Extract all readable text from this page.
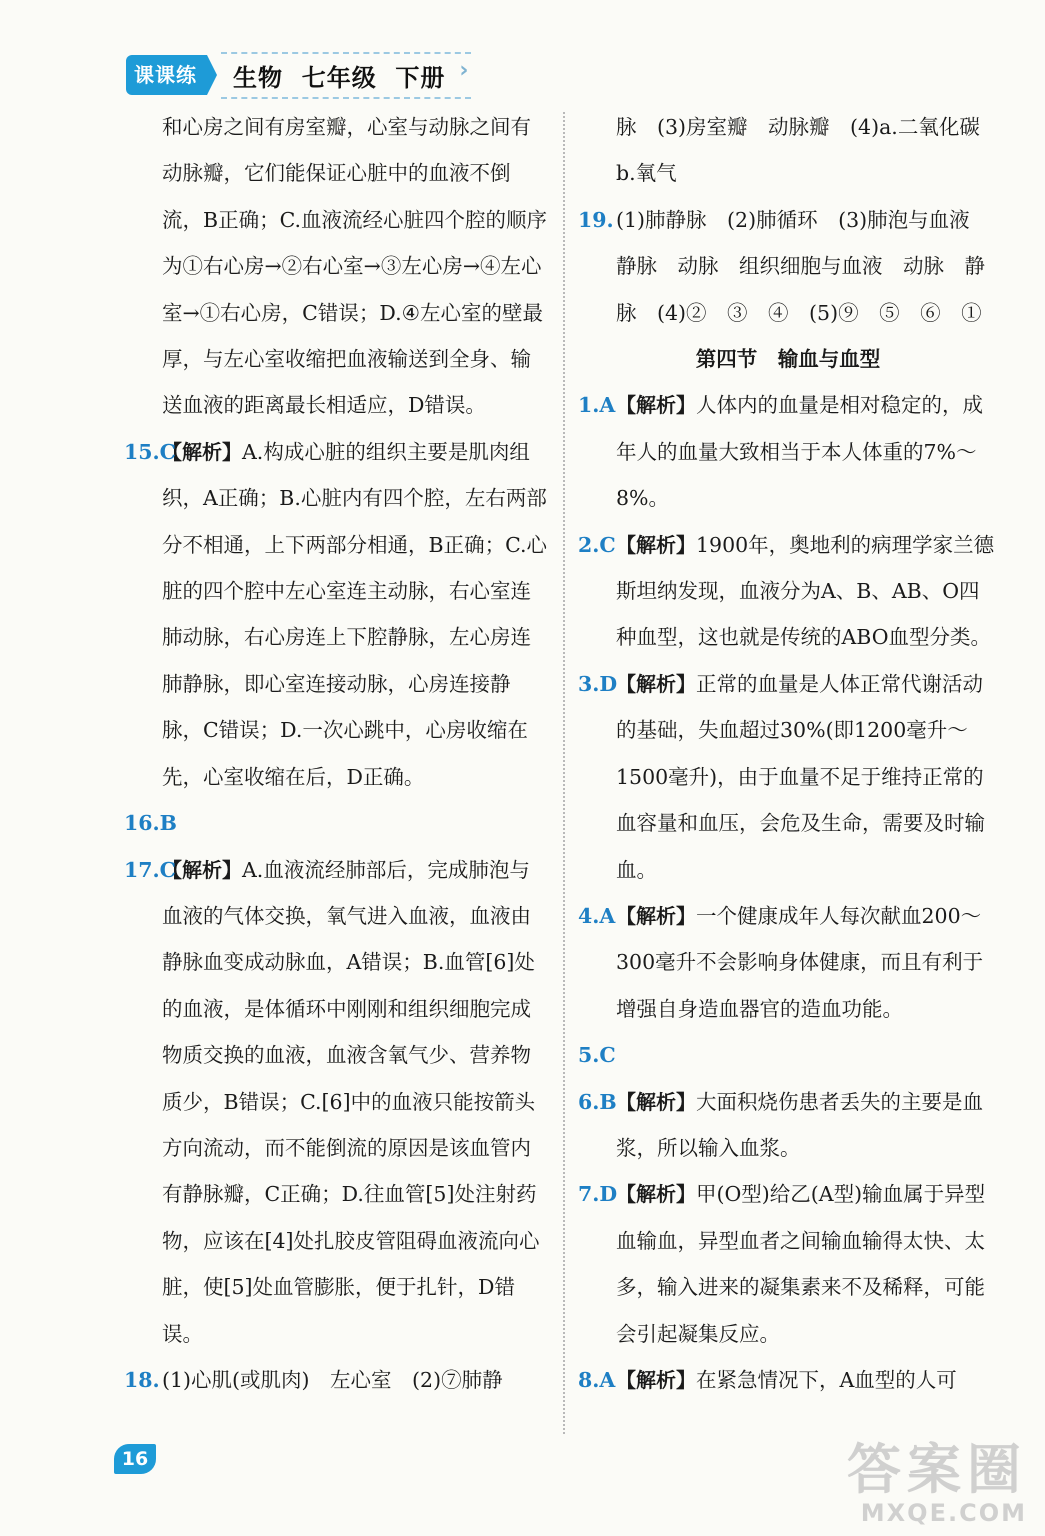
课课练	生物  七年级  下册 ›
和心房之间有房室瓣，心室与动脉之间有动脉瓣，它们能保证心脏中的血液不倒流，B正确；C.血液流经心脏四个腔的顺序为①右心房→②右心室→③左心房→④左心室→①右心房，C错误；D.④左心室的壁最厚，与左心室收缩把血液输送到全身、输送血液的距离最长相适应，D错误。
15.C
【解析】A.构成心脏的组织主要是肌肉组织，A正确；B.心脏内有四个腔，左右两部分不相通，上下两部分相通，B正确；C.心脏的四个腔中左心室连主动脉，右心室连肺动脉，右心房连上下腔静脉，左心房连肺静脉，即心室连接动脉，心房连接静脉，C错误；D.一次心跳中，心房收缩在先，心室收缩在后，D正确。
16.B

17.C
【解析】A.血液流经肺部后，完成肺泡与血液的气体交换，氧气进入血液，血液由静脉血变成动脉血，A错误；B.血管[6]处的血液，是体循环中刚刚和组织细胞完成物质交换的血液，血液含氧气少、营养物质少，B错误；C.[6]中的血液只能按箭头方向流动，而不能倒流的原因是该血管内有静脉瓣，C正确；D.往血管[5]处注射药物，应该在[4]处扎胶皮管阻碍血液流向心脏，使[5]处血管膨胀，便于扎针，D错误。
18. (1)心肌(或肌肉)　左心室　(2)⑦肺静
脉　(3)房室瓣　动脉瓣　(4)a.二氧化碳　b.氧气
19. (1)肺静脉　(2)肺循环　(3)肺泡与血液　静脉　动脉　组织细胞与血液　动脉　静脉　(4)②　③　④　(5)⑨　⑤　⑥　①
第四节　输血与血型
1.A 【解析】人体内的血量是相对稳定的，成年人的血量大致相当于本人体重的7%～8%。
2.C 【解析】1900年，奥地利的病理学家兰德斯坦纳发现，血液分为A、B、AB、O四种血型，这也就是传统的ABO血型分类。
3.D
【解析】正常的血量是人体正常代谢活动的基础，失血超过30%(即1200毫升～1500毫升)，由于血量不足于维持正常的血容量和血压，会危及生命，需要及时输血。
4.A 【解析】一个健康成年人每次献血200～300毫升不会影响身体健康，而且有利于增强自身造血器官的造血功能。
5.C

6.B 【解析】大面积烧伤患者丢失的主要是血浆，所以输入血浆。
7.D
【解析】甲(O型)给乙(A型)输血属于异型血输血，异型血者之间输血输得太快、太多，输入进来的凝集素来不及稀释，可能会引起凝集反应。
8.A 【解析】在紧急情况下，A血型的人可
16	答案圈
MXQE.COM
